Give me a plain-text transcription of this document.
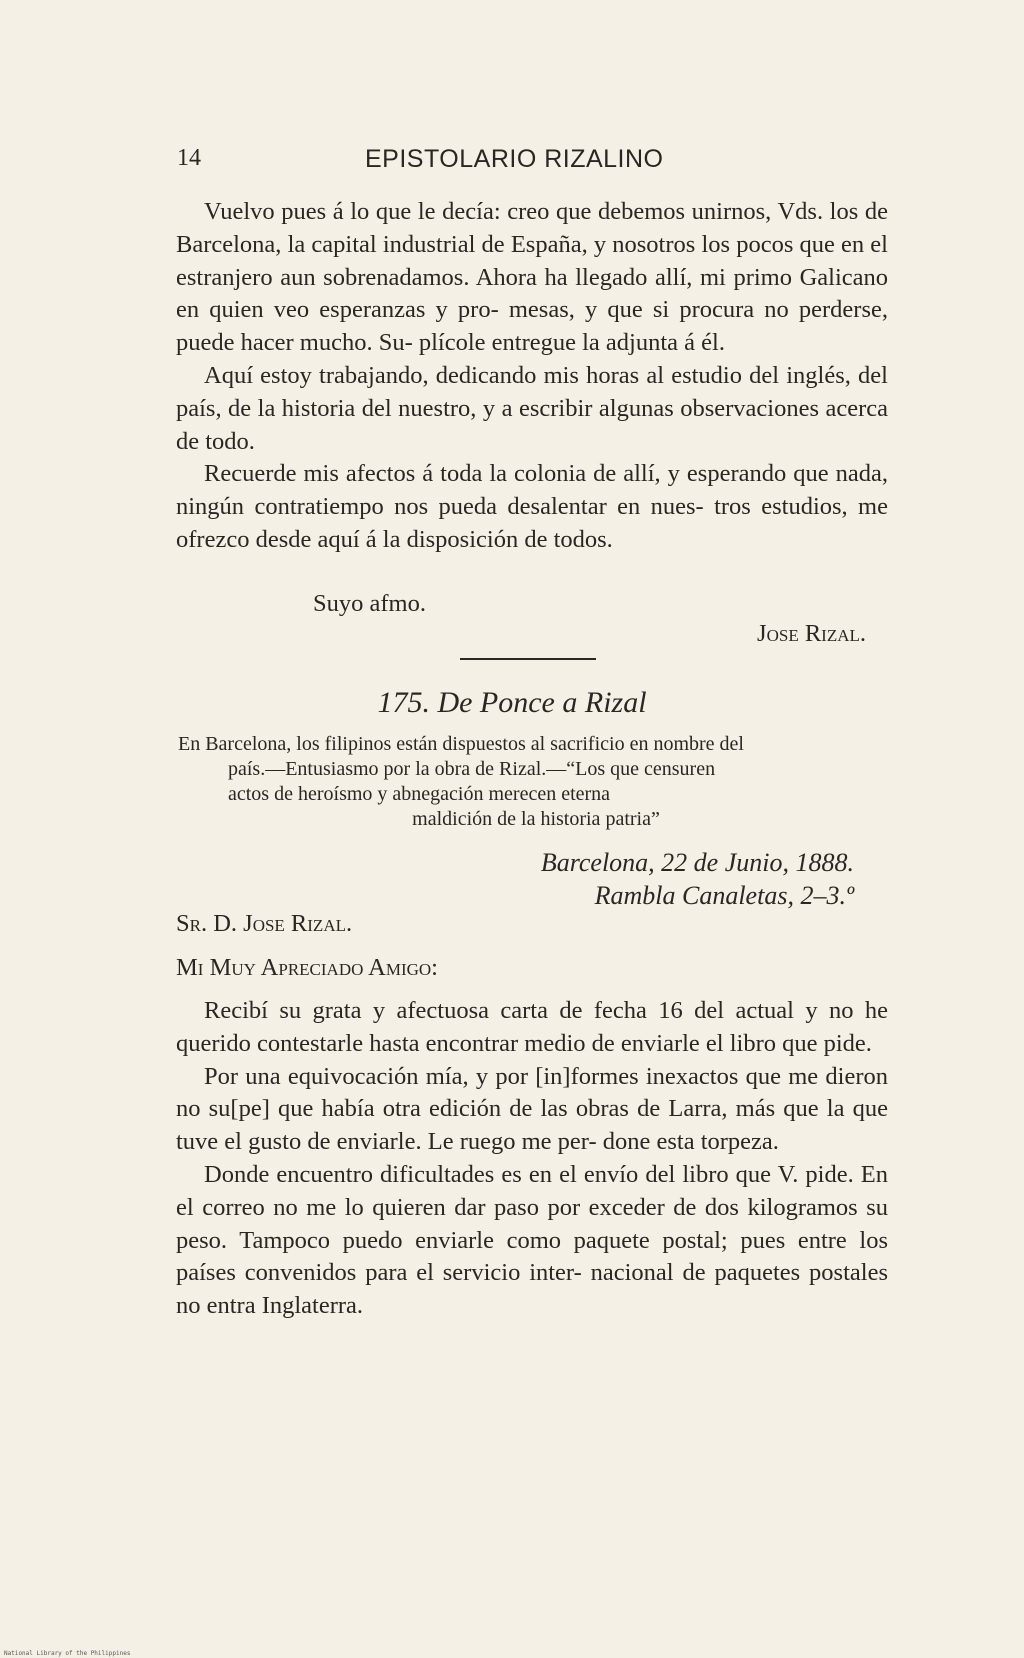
14	EPISTOLARIO RIZALINO

Vuelvo pues á lo que le decía: creo que debemos unirnos, Vds. los de Barcelona, la capital industrial de España, y nosotros los pocos que en el estranjero aun sobrenadamos. Ahora ha llegado allí, mi primo Galicano en quien veo esperanzas y pro- mesas, y que si procura no perderse, puede hacer mucho. Su- plícole entregue la adjunta á él.

Aquí estoy trabajando, dedicando mis horas al estudio del inglés, del país, de la historia del nuestro, y a escribir algunas observaciones acerca de todo.

Recuerde mis afectos á toda la colonia de allí, y esperando que nada, ningún contratiempo nos pueda desalentar en nues- tros estudios, me ofrezco desde aquí á la disposición de todos.

Suyo afmo.
Jose Rizal.
175. De Ponce a Rizal
En Barcelona, los filipinos están dispuestos al sacrificio en nombre del
país.—Entusiasmo por la obra de Rizal.—“Los que censuren
actos de heroísmo y abnegación merecen eterna
maldición de la historia patria”
Barcelona, 22 de Junio, 1888.
Rambla Canaletas, 2–3.º
Sr. D. Jose Rizal.
Mi Muy Apreciado Amigo:

Recibí su grata y afectuosa carta de fecha 16 del actual y no he querido contestarle hasta encontrar medio de enviarle el libro que pide.

Por una equivocación mía, y por [in]formes inexactos que me dieron no su[pe] que había otra edición de las obras de Larra, más que la que tuve el gusto de enviarle. Le ruego me per- done esta torpeza.

Donde encuentro dificultades es en el envío del libro que V. pide. En el correo no me lo quieren dar paso por exceder de dos kilogramos su peso. Tampoco puedo enviarle como paquete postal; pues entre los países convenidos para el servicio inter- nacional de paquetes postales no entra Inglaterra.

National Library of the Philippines
